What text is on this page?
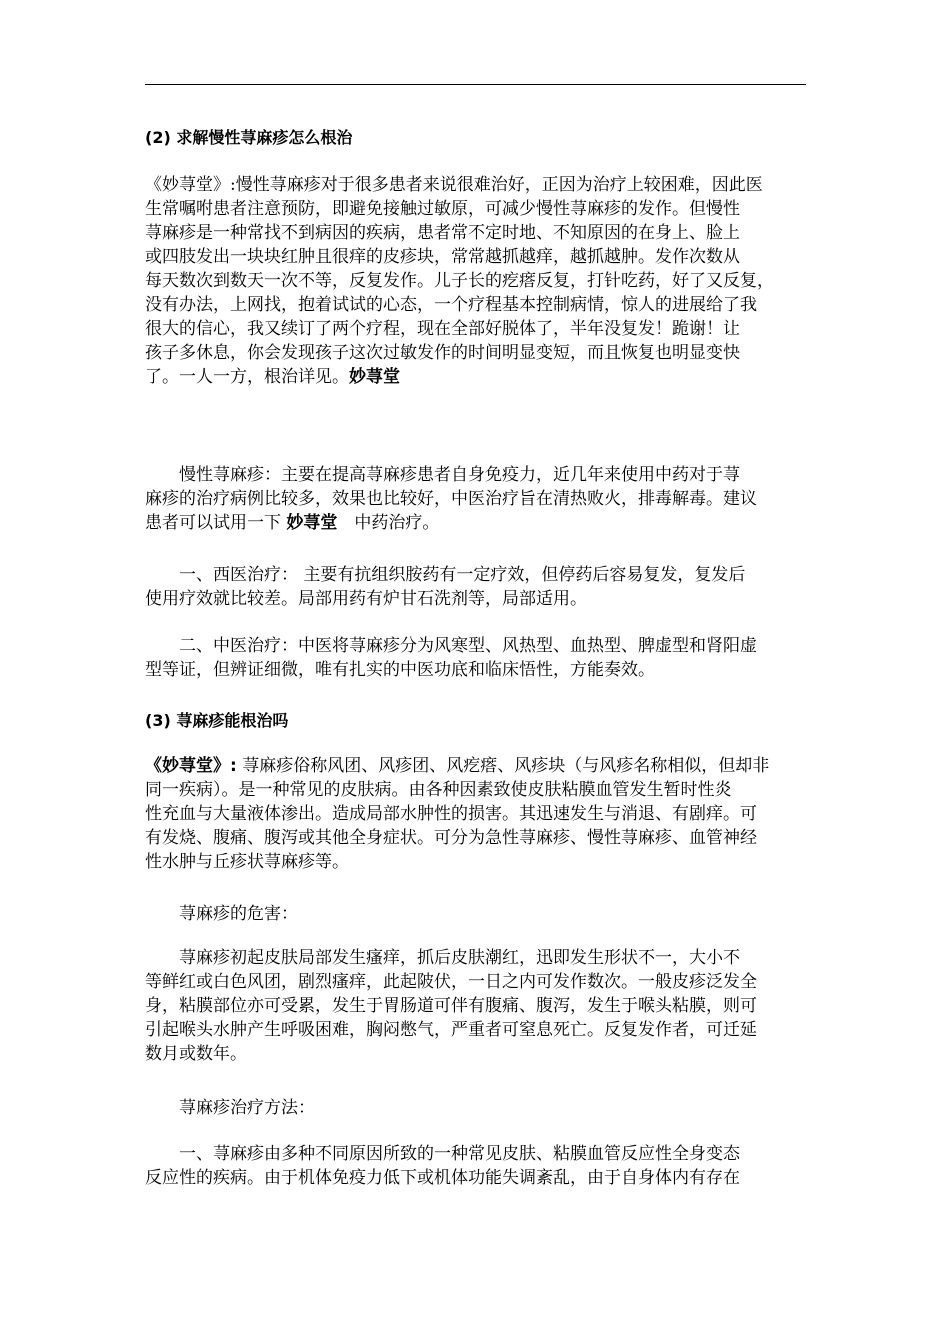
(2) 求解慢性荨麻疹怎么根治
《妙荨堂》:慢性荨麻疹对于很多患者来说很难治好，正因为治疗上较困难，因此医
生常嘱咐患者注意预防，即避免接触过敏原，可减少慢性荨麻疹的发作。但慢性
荨麻疹是一种常找不到病因的疾病，患者常不定时地、不知原因的在身上、脸上
或四肢发出一块块红肿且很痒的皮疹块，常常越抓越痒，越抓越肿。发作次数从
每天数次到数天一次不等，反复发作。儿子长的疙瘩反复，打针吃药，好了又反复，
没有办法，上网找，抱着试试的心态，一个疗程基本控制病情，惊人的进展给了我
很大的信心，我又续订了两个疗程，现在全部好脱体了，半年没复发！跪谢！让
孩子多休息，你会发现孩子这次过敏发作的时间明显变短，而且恢复也明显变快
了。一人一方，根治详见。妙荨堂
慢性荨麻疹：主要在提高荨麻疹患者自身免疫力，近几年来使用中药对于荨
麻疹的治疗病例比较多，效果也比较好，中医治疗旨在清热败火，排毒解毒。建议
患者可以试用一下 妙荨堂　中药治疗。
一、西医治疗： 主要有抗组织胺药有一定疗效，但停药后容易复发，复发后
使用疗效就比较差。局部用药有炉甘石洗剂等，局部适用。
二、中医治疗：中医将荨麻疹分为风寒型、风热型、血热型、脾虚型和肾阳虚
型等证，但辨证细微，唯有扎实的中医功底和临床悟性，方能奏效。
(3) 荨麻疹能根治吗
《妙荨堂》: 荨麻疹俗称风团、风疹团、风疙瘩、风疹块（与风疹名称相似，但却非
同一疾病）。是一种常见的皮肤病。由各种因素致使皮肤粘膜血管发生暂时性炎
性充血与大量液体渗出。造成局部水肿性的损害。其迅速发生与消退、有剧痒。可
有发烧、腹痛、腹泻或其他全身症状。可分为急性荨麻疹、慢性荨麻疹、血管神经
性水肿与丘疹状荨麻疹等。
荨麻疹的危害：
荨麻疹初起皮肤局部发生瘙痒，抓后皮肤潮红，迅即发生形状不一，大小不
等鲜红或白色风团，剧烈瘙痒，此起陂伏，一日之内可发作数次。一般皮疹泛发全
身，粘膜部位亦可受累，发生于胃肠道可伴有腹痛、腹泻，发生于喉头粘膜，则可
引起喉头水肿产生呼吸困难，胸闷憋气，严重者可窒息死亡。反复发作者，可迁延
数月或数年。
荨麻疹治疗方法：
一、荨麻疹由多种不同原因所致的一种常见皮肤、粘膜血管反应性全身变态
反应性的疾病。由于机体免疫力低下或机体功能失调紊乱，由于自身体内有存在
